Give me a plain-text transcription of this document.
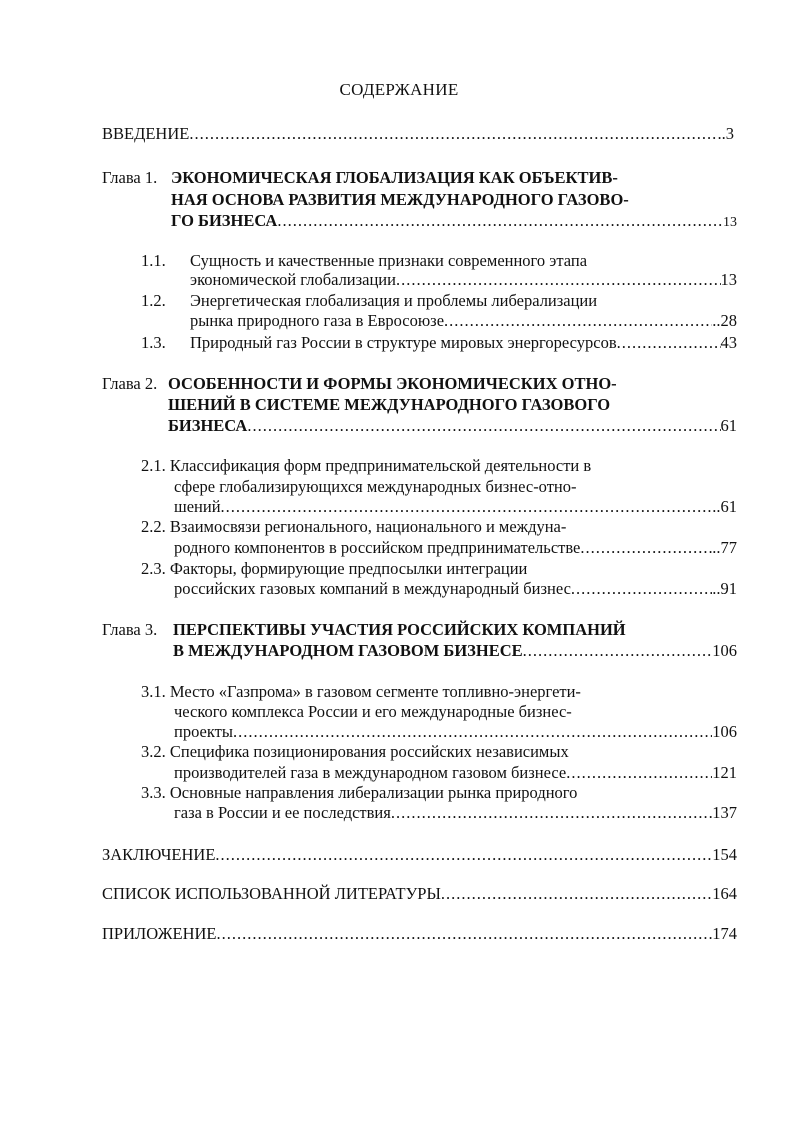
СОДЕРЖАНИЕ
ВВЕДЕНИЕ .....	..3
Глава 1. ЭКОНОМИЧЕСКАЯ ГЛОБАЛИЗАЦИЯ КАК ОБЪЕКТИВ-
НАЯ ОСНОВА РАЗВИТИЯ МЕЖДУНАРОДНОГО ГАЗОВО-
ГО БИЗНЕСА .....	13
1.1. Сущность и качественные признаки современного этапа
экономической глобализации .....	13
1.2. Энергетическая глобализация и проблемы либерализации
рынка природного газа в Евросоюзе .....	..28
1.3. Природный газ России в структуре мировых энергоресурсов .....	43
Глава 2. ОСОБЕННОСТИ И ФОРМЫ ЭКОНОМИЧЕСКИХ ОТНО-
ШЕНИЙ В СИСТЕМЕ МЕЖДУНАРОДНОГО ГАЗОВОГО
БИЗНЕСА .....	61
2.1. Классификация форм предпринимательской деятельности в
сфере глобализирующихся международных бизнес-отно-
шений .....	..61
2.2. Взаимосвязи регионального, национального и междуна-
родного компонентов в российском предпринимательстве .....	..77
2.3. Факторы, формирующие предпосылки интеграции
российских газовых компаний в международный бизнес .....	..91
Глава 3. ПЕРСПЕКТИВЫ УЧАСТИЯ РОССИЙСКИХ КОМПАНИЙ
В МЕЖДУНАРОДНОМ ГАЗОВОМ БИЗНЕСЕ .....	106
3.1. Место «Газпрома» в газовом сегменте топливно-энергети-
ческого комплекса России и его международные бизнес-
проекты .....	106
3.2. Специфика позиционирования российских независимых
производителей газа в международном газовом бизнесе .....	121
3.3. Основные направления либерализации рынка природного
газа в России и ее последствия .....	137
ЗАКЛЮЧЕНИЕ .....	154
СПИСОК ИСПОЛЬЗОВАННОЙ ЛИТЕРАТУРЫ .....	164
ПРИЛОЖЕНИЕ .....	174
